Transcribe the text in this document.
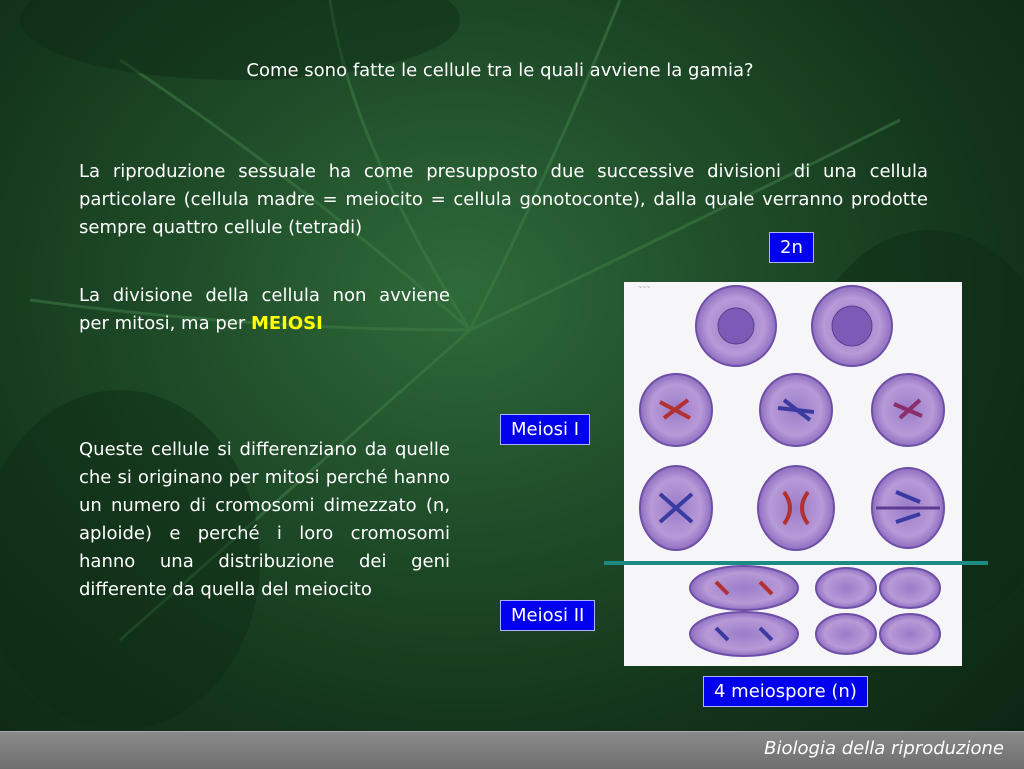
Come sono fatte le cellule tra le quali avviene la gamia?
La riproduzione sessuale ha come presupposto due successive divisioni di una cellula particolare (cellula madre = meiocito = cellula gonotoconte), dalla quale verranno prodotte sempre quattro cellule (tetradi)
2n
La divisione della cellula non avviene per mitosi, ma per MEIOSI
Queste cellule si differenziano da quelle che si originano per mitosi perché hanno un numero di cromosomi dimezzato (n, aploide) e perché i loro cromosomi hanno una distribuzione dei geni differente da quella del meiocito
Meiosi I
Meiosi II
~~~
4 meiospore (n)
Biologia della riproduzione
